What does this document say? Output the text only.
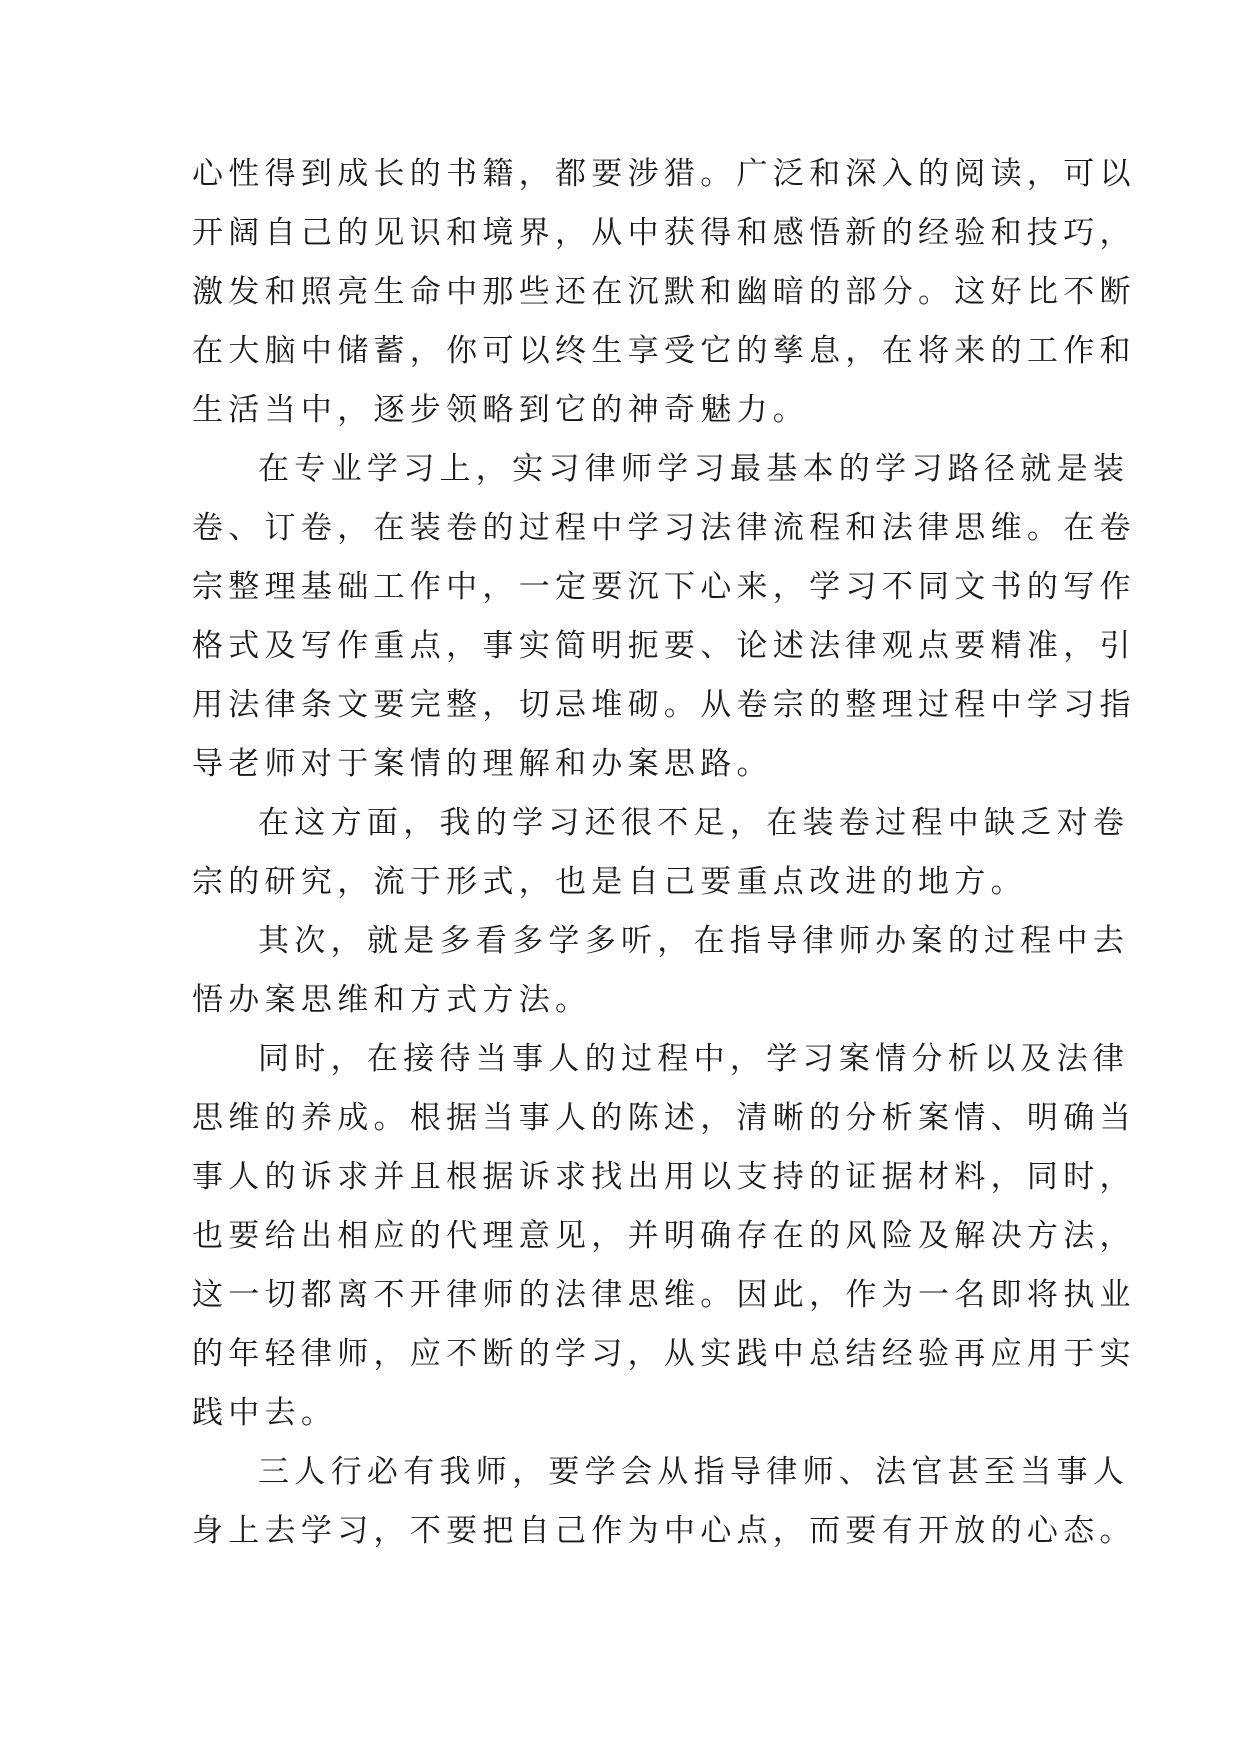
心性得到成长的书籍，都要涉猎。广泛和深入的阅读，可以
开阔自己的见识和境界，从中获得和感悟新的经验和技巧，
激发和照亮生命中那些还在沉默和幽暗的部分。这好比不断
在大脑中储蓄，你可以终生享受它的孳息，在将来的工作和
生活当中，逐步领略到它的神奇魅力。
在专业学习上，实习律师学习最基本的学习路径就是装
卷、订卷，在装卷的过程中学习法律流程和法律思维。在卷
宗整理基础工作中，一定要沉下心来，学习不同文书的写作
格式及写作重点，事实简明扼要、论述法律观点要精准，引
用法律条文要完整，切忌堆砌。从卷宗的整理过程中学习指
导老师对于案情的理解和办案思路。
在这方面，我的学习还很不足，在装卷过程中缺乏对卷
宗的研究，流于形式，也是自己要重点改进的地方。
其次，就是多看多学多听，在指导律师办案的过程中去
悟办案思维和方式方法。
同时，在接待当事人的过程中，学习案情分析以及法律
思维的养成。根据当事人的陈述，清晰的分析案情、明确当
事人的诉求并且根据诉求找出用以支持的证据材料，同时，
也要给出相应的代理意见，并明确存在的风险及解决方法，
这一切都离不开律师的法律思维。因此，作为一名即将执业
的年轻律师，应不断的学习，从实践中总结经验再应用于实
践中去。
三人行必有我师，要学会从指导律师、法官甚至当事人
身上去学习，不要把自己作为中心点，而要有开放的心态。
